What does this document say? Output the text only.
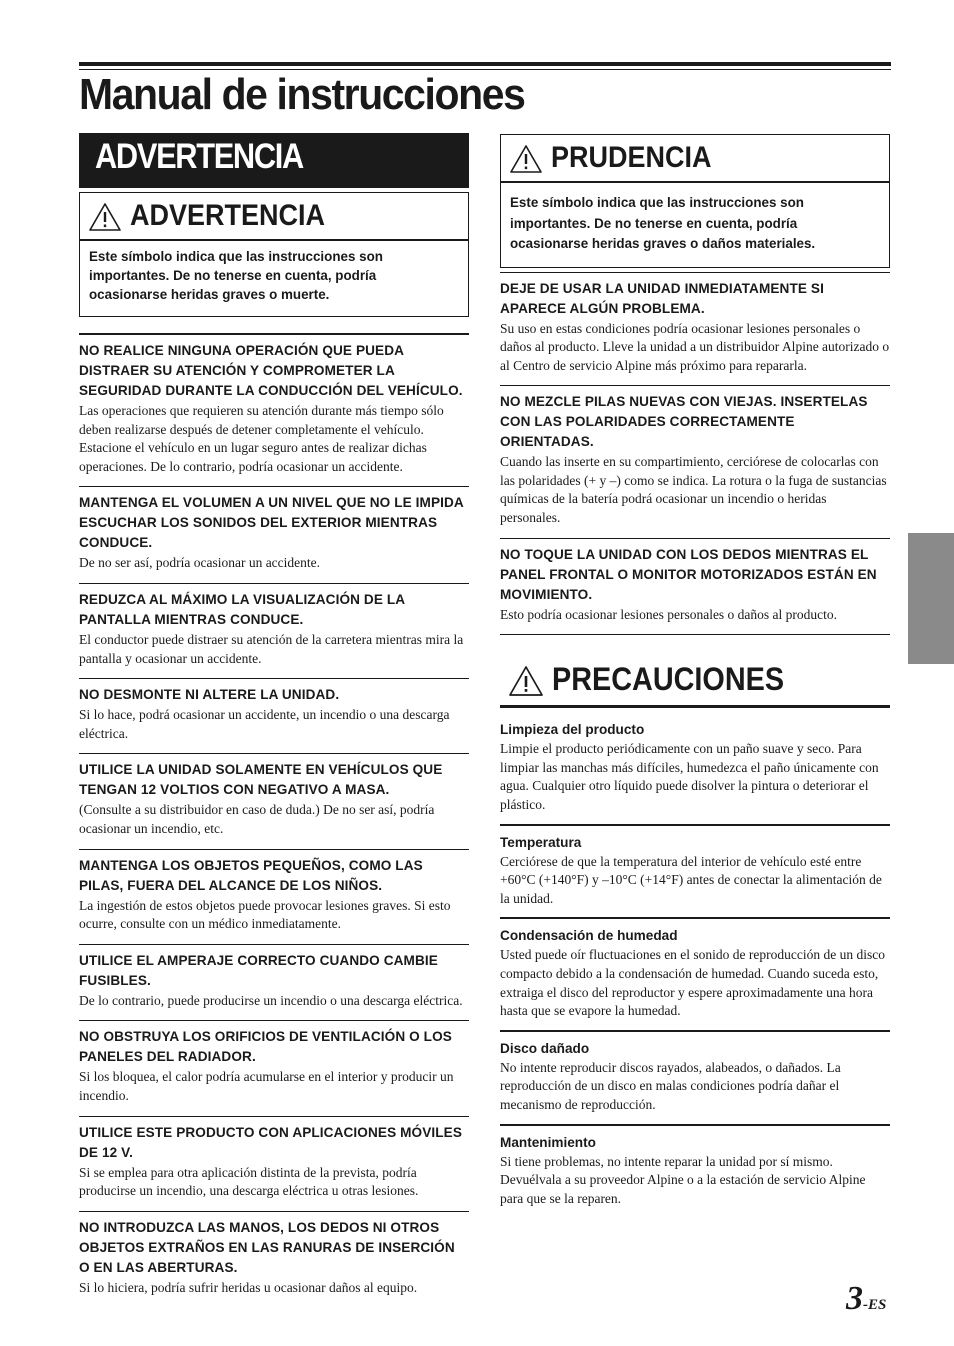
Manual de instrucciones
ADVERTENCIA
ADVERTENCIA
Este símbolo indica que las instrucciones son importantes. De no tenerse en cuenta, podría ocasionarse heridas graves o muerte.

NO REALICE NINGUNA OPERACIÓN QUE PUEDA DISTRAER SU ATENCIÓN Y COMPROMETER LA SEGURIDAD DURANTE LA CONDUCCIÓN DEL VEHÍCULO.

Las operaciones que requieren su atención durante más tiempo sólo deben realizarse después de detener completamente el vehículo. Estacione el vehículo en un lugar seguro antes de realizar dichas operaciones. De lo contrario, podría ocasionar un accidente.

MANTENGA EL VOLUMEN A UN NIVEL QUE NO LE IMPIDA ESCUCHAR LOS SONIDOS DEL EXTERIOR MIENTRAS CONDUCE.

De no ser así, podría ocasionar un accidente.

REDUZCA AL MÁXIMO LA VISUALIZACIÓN DE LA PANTALLA MIENTRAS CONDUCE.

El conductor puede distraer su atención de la carretera mientras mira la pantalla y ocasionar un accidente.

NO DESMONTE NI ALTERE LA UNIDAD.

Si lo hace, podrá ocasionar un accidente, un incendio o una descarga eléctrica.

UTILICE LA UNIDAD SOLAMENTE EN VEHÍCULOS QUE TENGAN 12 VOLTIOS CON NEGATIVO A MASA.

(Consulte a su distribuidor en caso de duda.) De no ser así, podría ocasionar un incendio, etc.

MANTENGA LOS OBJETOS PEQUEÑOS, COMO LAS PILAS, FUERA DEL ALCANCE DE LOS NIÑOS.

La ingestión de estos objetos puede provocar lesiones graves. Si esto ocurre, consulte con un médico inmediatamente.

UTILICE EL AMPERAJE CORRECTO CUANDO CAMBIE FUSIBLES.

De lo contrario, puede producirse un incendio o una descarga eléctrica.

NO OBSTRUYA LOS ORIFICIOS DE VENTILACIÓN O LOS PANELES DEL RADIADOR.

Si los bloquea, el calor podría acumularse en el interior y producir un incendio.

UTILICE ESTE PRODUCTO CON APLICACIONES MÓVILES DE 12 V.

Si se emplea para otra aplicación distinta de la prevista, podría producirse un incendio, una descarga eléctrica u otras lesiones.

NO INTRODUZCA LAS MANOS, LOS DEDOS NI OTROS OBJETOS EXTRAÑOS EN LAS RANURAS DE INSERCIÓN O EN LAS ABERTURAS.

Si lo hiciera, podría sufrir heridas u ocasionar daños al equipo.

PRUDENCIA
Este símbolo indica que las instrucciones son importantes. De no tenerse en cuenta, podría ocasionarse heridas graves o daños materiales.

DEJE DE USAR LA UNIDAD INMEDIATAMENTE SI APARECE ALGÚN PROBLEMA.

Su uso en estas condiciones podría ocasionar lesiones personales o daños al producto. Lleve la unidad a un distribuidor Alpine autorizado o al Centro de servicio Alpine más próximo para repararla.

NO MEZCLE PILAS NUEVAS CON VIEJAS. INSERTELAS CON LAS POLARIDADES CORRECTAMENTE ORIENTADAS.

Cuando las inserte en su compartimiento, cerciórese de colocarlas con las polaridades (+ y –) como se indica. La rotura o la fuga de sustancias químicas de la batería podrá ocasionar un incendio o heridas personales.

NO TOQUE LA UNIDAD CON LOS DEDOS MIENTRAS EL PANEL FRONTAL O MONITOR MOTORIZADOS ESTÁN EN MOVIMIENTO.

Esto podría ocasionar lesiones personales o daños al producto.

PRECAUCIONES

Limpieza del producto

Limpie el producto periódicamente con un paño suave y seco. Para limpiar las manchas más difíciles, humedezca el paño únicamente con agua. Cualquier otro líquido puede disolver la pintura o deteriorar el plástico.

Temperatura

Cerciórese de que la temperatura del interior de vehículo esté entre +60°C (+140°F) y –10°C (+14°F) antes de conectar la alimentación de la unidad.

Condensación de humedad

Usted puede oír fluctuaciones en el sonido de reproducción de un disco compacto debido a la condensación de humedad. Cuando suceda esto, extraiga el disco del reproductor y espere aproximadamente una hora hasta que se evapore la humedad.

Disco dañado

No intente reproducir discos rayados, alabeados, o dañados. La reproducción de un disco en malas condiciones podría dañar el mecanismo de reproducción.

Mantenimiento

Si tiene problemas, no intente reparar la unidad por sí mismo. Devuélvala a su proveedor Alpine o a la estación de servicio Alpine para que se la reparen.

3-ES
